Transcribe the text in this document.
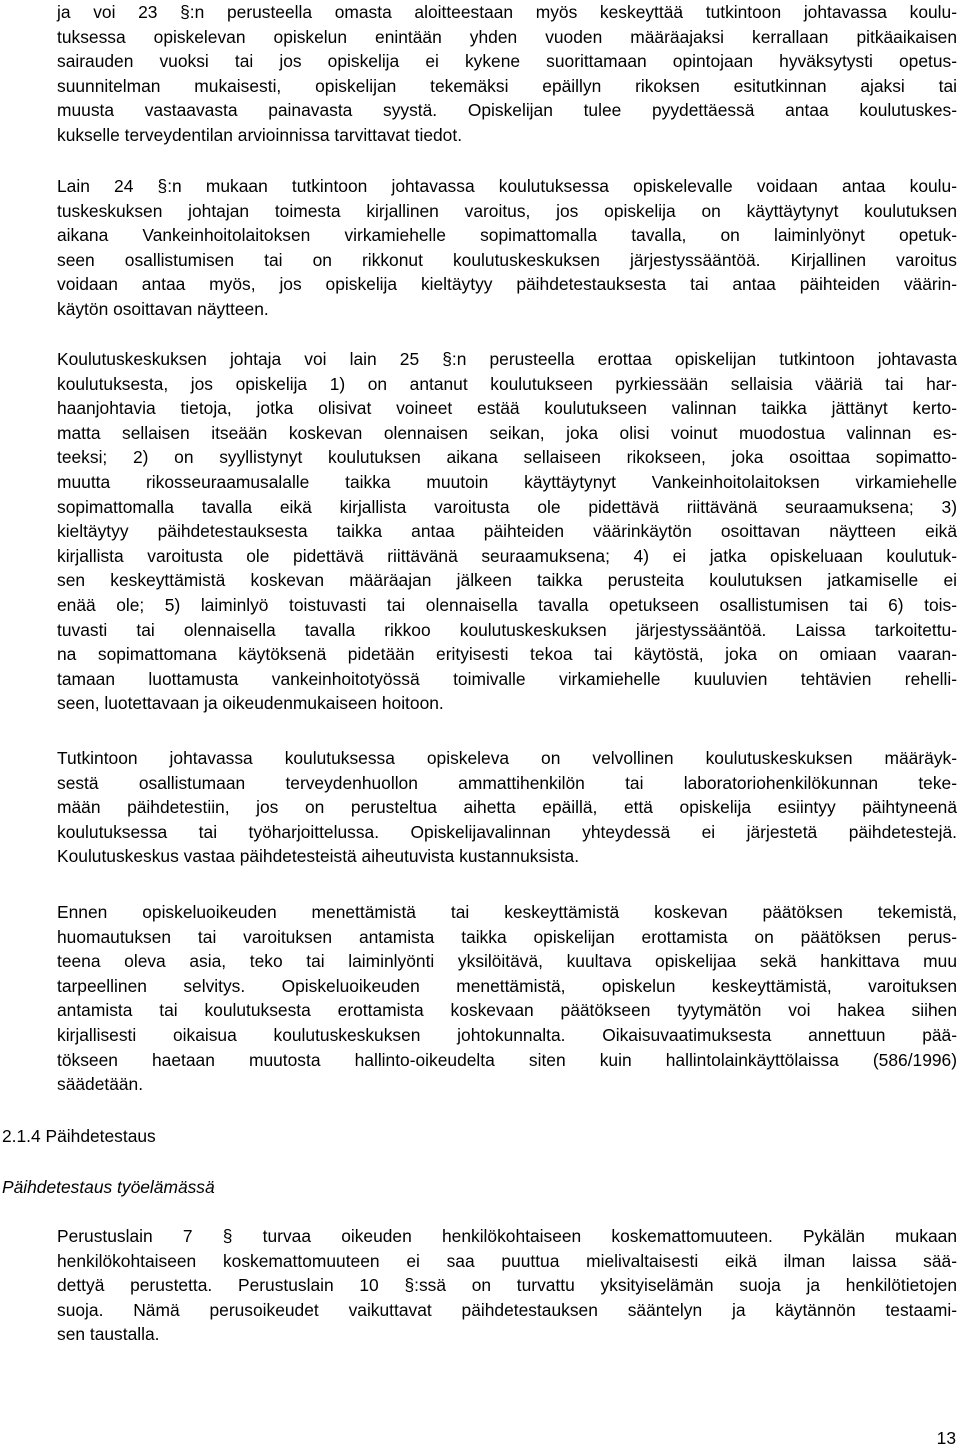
ja voi 23 §:n perusteella omasta aloitteestaan myös keskeyttää tutkintoon johtavassa koulu-
tuksessa opiskelevan opiskelun enintään yhden vuoden määräajaksi kerrallaan pitkäaikaisen
sairauden vuoksi tai jos opiskelija ei kykene suorittamaan opintojaan hyväksytysti opetus-
suunnitelman mukaisesti, opiskelijan tekemäksi epäillyn rikoksen esitutkinnan ajaksi tai
muusta vastaavasta painavasta syystä. Opiskelijan tulee pyydettäessä antaa koulutuskes-
kukselle terveydentilan arvioinnissa tarvittavat tiedot.
Lain 24 §:n mukaan tutkintoon johtavassa koulutuksessa opiskelevalle voidaan antaa koulu-
tuskeskuksen johtajan toimesta kirjallinen varoitus, jos opiskelija on käyttäytynyt koulutuksen
aikana Vankeinhoitolaitoksen virkamiehelle sopimattomalla tavalla, on laiminlyönyt opetuk-
seen osallistumisen tai on rikkonut koulutuskeskuksen järjestyssääntöä. Kirjallinen varoitus
voidaan antaa myös, jos opiskelija kieltäytyy päihdetestauksesta tai antaa päihteiden väärin-
käytön osoittavan näytteen.
Koulutuskeskuksen johtaja voi lain 25 §:n perusteella erottaa opiskelijan tutkintoon johtavasta
koulutuksesta, jos opiskelija 1) on antanut koulutukseen pyrkiessään sellaisia vääriä tai har-
haanjohtavia tietoja, jotka olisivat voineet estää koulutukseen valinnan taikka jättänyt kerto-
matta sellaisen itseään koskevan olennaisen seikan, joka olisi voinut muodostua valinnan es-
teeksi; 2) on syyllistynyt koulutuksen aikana sellaiseen rikokseen, joka osoittaa sopimatto-
muutta rikosseuraamusalalle taikka muutoin käyttäytynyt Vankeinhoitolaitoksen virkamiehelle
sopimattomalla tavalla eikä kirjallista varoitusta ole pidettävä riittävänä seuraamuksena; 3)
kieltäytyy päihdetestauksesta taikka antaa päihteiden väärinkäytön osoittavan näytteen eikä
kirjallista varoitusta ole pidettävä riittävänä seuraamuksena; 4) ei jatka opiskeluaan koulutuk-
sen keskeyttämistä koskevan määräajan jälkeen taikka perusteita koulutuksen jatkamiselle ei
enää ole; 5) laiminlyö toistuvasti tai olennaisella tavalla opetukseen osallistumisen tai 6) tois-
tuvasti tai olennaisella tavalla rikkoo koulutuskeskuksen järjestyssääntöä. Laissa tarkoitettu-
na sopimattomana käytöksenä pidetään erityisesti tekoa tai käytöstä, joka on omiaan vaaran-
tamaan luottamusta vankeinhoitotyössä toimivalle virkamiehelle kuuluvien tehtävien rehelli-
seen, luotettavaan ja oikeudenmukaiseen hoitoon.
Tutkintoon johtavassa koulutuksessa opiskeleva on velvollinen koulutuskeskuksen määräyk-
sestä osallistumaan terveydenhuollon ammattihenkilön tai laboratoriohenkilökunnan teke-
mään päihdetestiin, jos on perusteltua aihetta epäillä, että opiskelija esiintyy päihtyneenä
koulutuksessa tai työharjoittelussa. Opiskelijavalinnan yhteydessä ei järjestetä päihdetestejä.
Koulutuskeskus vastaa päihdetesteistä aiheutuvista kustannuksista.
Ennen opiskeluoikeuden menettämistä tai keskeyttämistä koskevan päätöksen tekemistä,
huomautuksen tai varoituksen antamista taikka opiskelijan erottamista on päätöksen perus-
teena oleva asia, teko tai laiminlyönti yksilöitävä, kuultava opiskelijaa sekä hankittava muu
tarpeellinen selvitys. Opiskeluoikeuden menettämistä, opiskelun keskeyttämistä, varoituksen
antamista tai koulutuksesta erottamista koskevaan päätökseen tyytymätön voi hakea siihen
kirjallisesti oikaisua koulutuskeskuksen johtokunnalta. Oikaisuvaatimuksesta annettuun pää-
tökseen haetaan muutosta hallinto-oikeudelta siten kuin hallintolainkäyttölaissa (586/1996)
säädetään.

2.1.4 Päihdetestaus

Päihdetestaus työelämässä

Perustuslain 7 § turvaa oikeuden henkilökohtaiseen koskemattomuuteen. Pykälän mukaan
henkilökohtaiseen koskemattomuuteen ei saa puuttua mielivaltaisesti eikä ilman laissa sää-
dettyä perustetta. Perustuslain 10 §:ssä on turvattu yksityiselämän suoja ja henkilötietojen
suoja. Nämä perusoikeudet vaikuttavat päihdetestauksen sääntelyn ja käytännön testaami-
sen taustalla.

13
